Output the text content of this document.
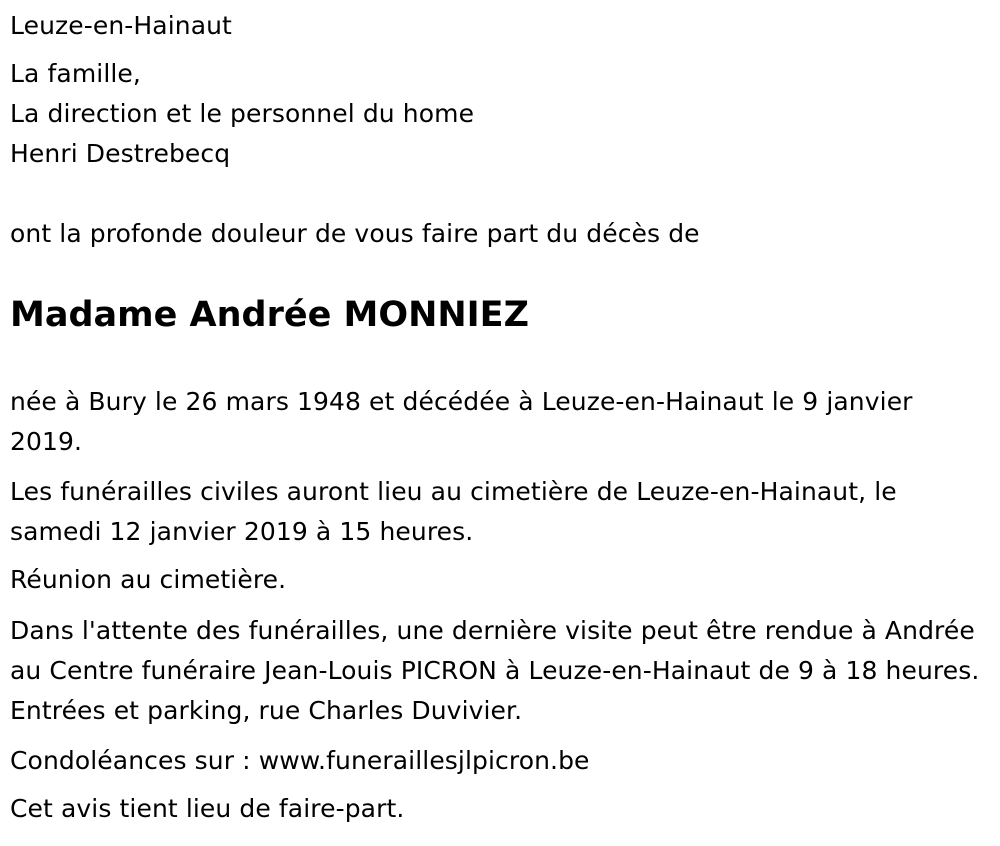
Leuze-en-Hainaut
La famille,
La direction et le personnel du home
Henri Destrebecq
ont la profonde douleur de vous faire part du décès de
Madame Andrée MONNIEZ
née à Bury le 26 mars 1948 et décédée à Leuze-en-Hainaut le 9 janvier 2019.
Les funérailles civiles auront lieu au cimetière de Leuze-en-Hainaut, le samedi 12 janvier 2019 à 15 heures.
Réunion au cimetière.
Dans l'attente des funérailles, une dernière visite peut être rendue à Andrée au Centre funéraire Jean-Louis PICRON à Leuze-en-Hainaut de 9 à 18 heures. Entrées et parking, rue Charles Duvivier.
Condoléances sur : www.funeraillesjlpicron.be
Cet avis tient lieu de faire-part.
